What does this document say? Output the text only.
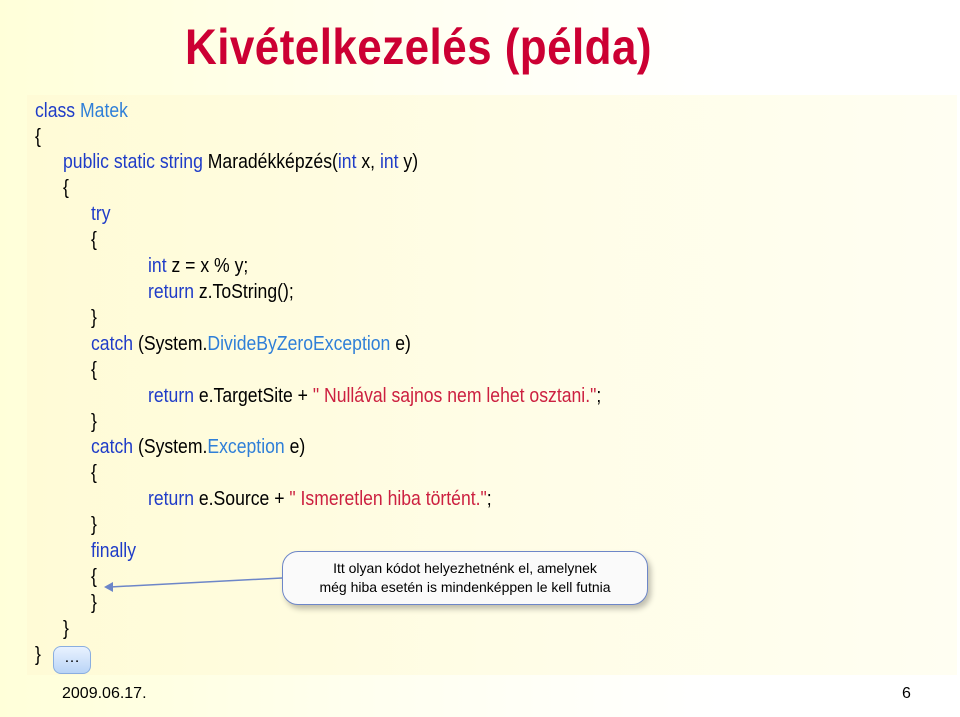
Kivételkezelés (példa)
class Matek
{
public static string Maradékképzés(int x, int y)
{
try
{
int z = x % y;
return z.ToString();
}
catch (System.DivideByZeroException e)
{
return e.TargetSite + " Nullával sajnos nem lehet osztani.";
}
catch (System.Exception e)
{
return e.Source + " Ismeretlen hiba történt.";
}
finally
{
}
}
}
Itt olyan kódot helyezhetnénk el, amelynek
még hiba esetén is mindenképpen le kell futnia
…
2009.06.17.	6
